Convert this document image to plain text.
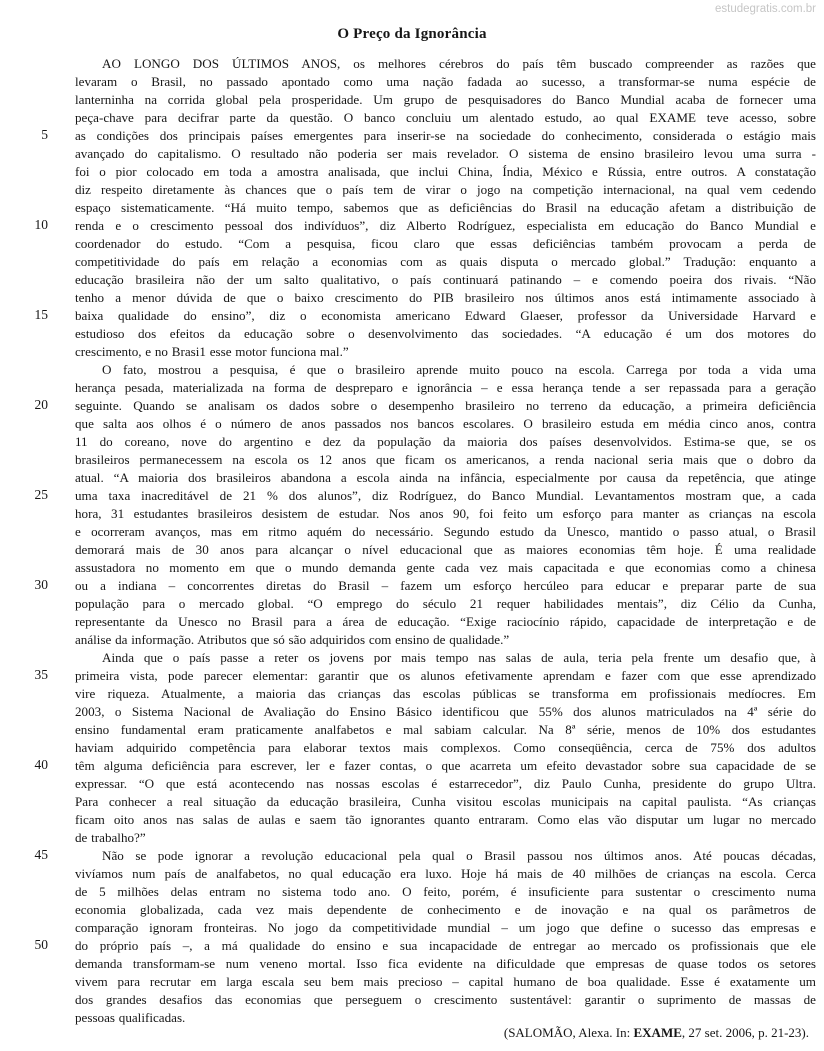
estudegratis.com.br
O Preço da Ignorância
AO LONGO DOS ÚLTIMOS ANOS, os melhores cérebros do país têm buscado compreender as razões que
levaram o Brasil, no passado apontado como uma nação fadada ao sucesso, a transformar-se numa espécie de
lanterninha na corrida global pela prosperidade. Um grupo de pesquisadores do Banco Mundial acaba de fornecer uma
peça-chave para decifrar parte da questão. O banco concluiu um alentado estudo, ao qual EXAME teve acesso, sobre
5 as condições dos principais países emergentes para inserir-se na sociedade do conhecimento, considerada o estágio mais
avançado do capitalismo. O resultado não poderia ser mais revelador. O sistema de ensino brasileiro levou uma surra -
foi o pior colocado em toda a amostra analisada, que inclui China, Índia, México e Rússia, entre outros. A constatação
diz respeito diretamente às chances que o país tem de virar o jogo na competição internacional, na qual vem cedendo
espaço sistematicamente. “Há muito tempo, sabemos que as deficiências do Brasil na educação afetam a distribuição de
10 renda e o crescimento pessoal dos indivíduos”, diz Alberto Rodríguez, especialista em educação do Banco Mundial e
coordenador do estudo. “Com a pesquisa, ficou claro que essas deficiências também provocam a perda de
competitividade do país em relação a economias com as quais disputa o mercado global.” Tradução: enquanto a
educação brasileira não der um salto qualitativo, o país continuará patinando – e comendo poeira dos rivais. “Não
tenho a menor dúvida de que o baixo crescimento do PIB brasileiro nos últimos anos está intimamente associado à
15 baixa qualidade do ensino”, diz o economista americano Edward Glaeser, professor da Universidade Harvard e
estudioso dos efeitos da educação sobre o desenvolvimento das sociedades. “A educação é um dos motores do
crescimento, e no Brasi1 esse motor funciona mal.”
O fato, mostrou a pesquisa, é que o brasileiro aprende muito pouco na escola. Carrega por toda a vida uma
herança pesada, materializada na forma de despreparo e ignorância – e essa herança tende a ser repassada para a geração
20 seguinte. Quando se analisam os dados sobre o desempenho brasileiro no terreno da educação, a primeira deficiência
que salta aos olhos é o número de anos passados nos bancos escolares. O brasileiro estuda em média cinco anos, contra
11 do coreano, nove do argentino e dez da população da maioria dos países desenvolvidos. Estima-se que, se os
brasileiros permanecessem na escola os 12 anos que ficam os americanos, a renda nacional seria mais que o dobro da
atual. “A maioria dos brasileiros abandona a escola ainda na infância, especialmente por causa da repetência, que atinge
25 uma taxa inacreditável de 21 % dos alunos”, diz Rodríguez, do Banco Mundial. Levantamentos mostram que, a cada
hora, 31 estudantes brasileiros desistem de estudar. Nos anos 90, foi feito um esforço para manter as crianças na escola
e ocorreram avanços, mas em ritmo aquém do necessário. Segundo estudo da Unesco, mantido o passo atual, o Brasil
demorará mais de 30 anos para alcançar o nível educacional que as maiores economias têm hoje. É uma realidade
assustadora no momento em que o mundo demanda gente cada vez mais capacitada e que economias como a chinesa
30 ou a indiana – concorrentes diretas do Brasil – fazem um esforço hercúleo para educar e preparar parte de sua
população para o mercado global. “O emprego do século 21 requer habilidades mentais”, diz Célio da Cunha,
representante da Unesco no Brasil para a área de educação. “Exige raciocínio rápido, capacidade de interpretação e de
análise da informação. Atributos que só são adquiridos com ensino de qualidade.”
Ainda que o país passe a reter os jovens por mais tempo nas salas de aula, teria pela frente um desafio que, à
35 primeira vista, pode parecer elementar: garantir que os alunos efetivamente aprendam e fazer com que esse aprendizado
vire riqueza. Atualmente, a maioria das crianças das escolas públicas se transforma em profissionais medíocres. Em
2003, o Sistema Nacional de Avaliação do Ensino Básico identificou que 55% dos alunos matriculados na 4ª série do
ensino fundamental eram praticamente analfabetos e mal sabiam calcular. Na 8ª série, menos de 10% dos estudantes
haviam adquirido competência para elaborar textos mais complexos. Como conseqüência, cerca de 75% dos adultos
40 têm alguma deficiência para escrever, ler e fazer contas, o que acarreta um efeito devastador sobre sua capacidade de se
expressar. “O que está acontecendo nas nossas escolas é estarrecedor”, diz Paulo Cunha, presidente do grupo Ultra.
Para conhecer a real situação da educação brasileira, Cunha visitou escolas municipais na capital paulista. “As crianças
ficam oito anos nas salas de aulas e saem tão ignorantes quanto entraram. Como elas vão disputar um lugar no mercado
de trabalho?”
45	Não se pode ignorar a revolução educacional pela qual o Brasil passou nos últimos anos. Até poucas décadas,
vivíamos num país de analfabetos, no qual educação era luxo. Hoje há mais de 40 milhões de crianças na escola. Cerca
de 5 milhões delas entram no sistema todo ano. O feito, porém, é insuficiente para sustentar o crescimento numa
economia globalizada, cada vez mais dependente de conhecimento e de inovação e na qual os parâmetros de
comparação ignoram fronteiras. No jogo da competitividade mundial – um jogo que define o sucesso das empresas e
50 do próprio país –, a má qualidade do ensino e sua incapacidade de entregar ao mercado os profissionais que ele
demanda transformam-se num veneno mortal. Isso fica evidente na dificuldade que empresas de quase todos os setores
vivem para recrutar em larga escala seu bem mais precioso – capital humano de boa qualidade. Esse é exatamente um
dos grandes desafios das economias que perseguem o crescimento sustentável: garantir o suprimento de massas de
pessoas qualificadas.
(SALOMÃO, Alexa. In: EXAME, 27 set. 2006, p. 21-23).
